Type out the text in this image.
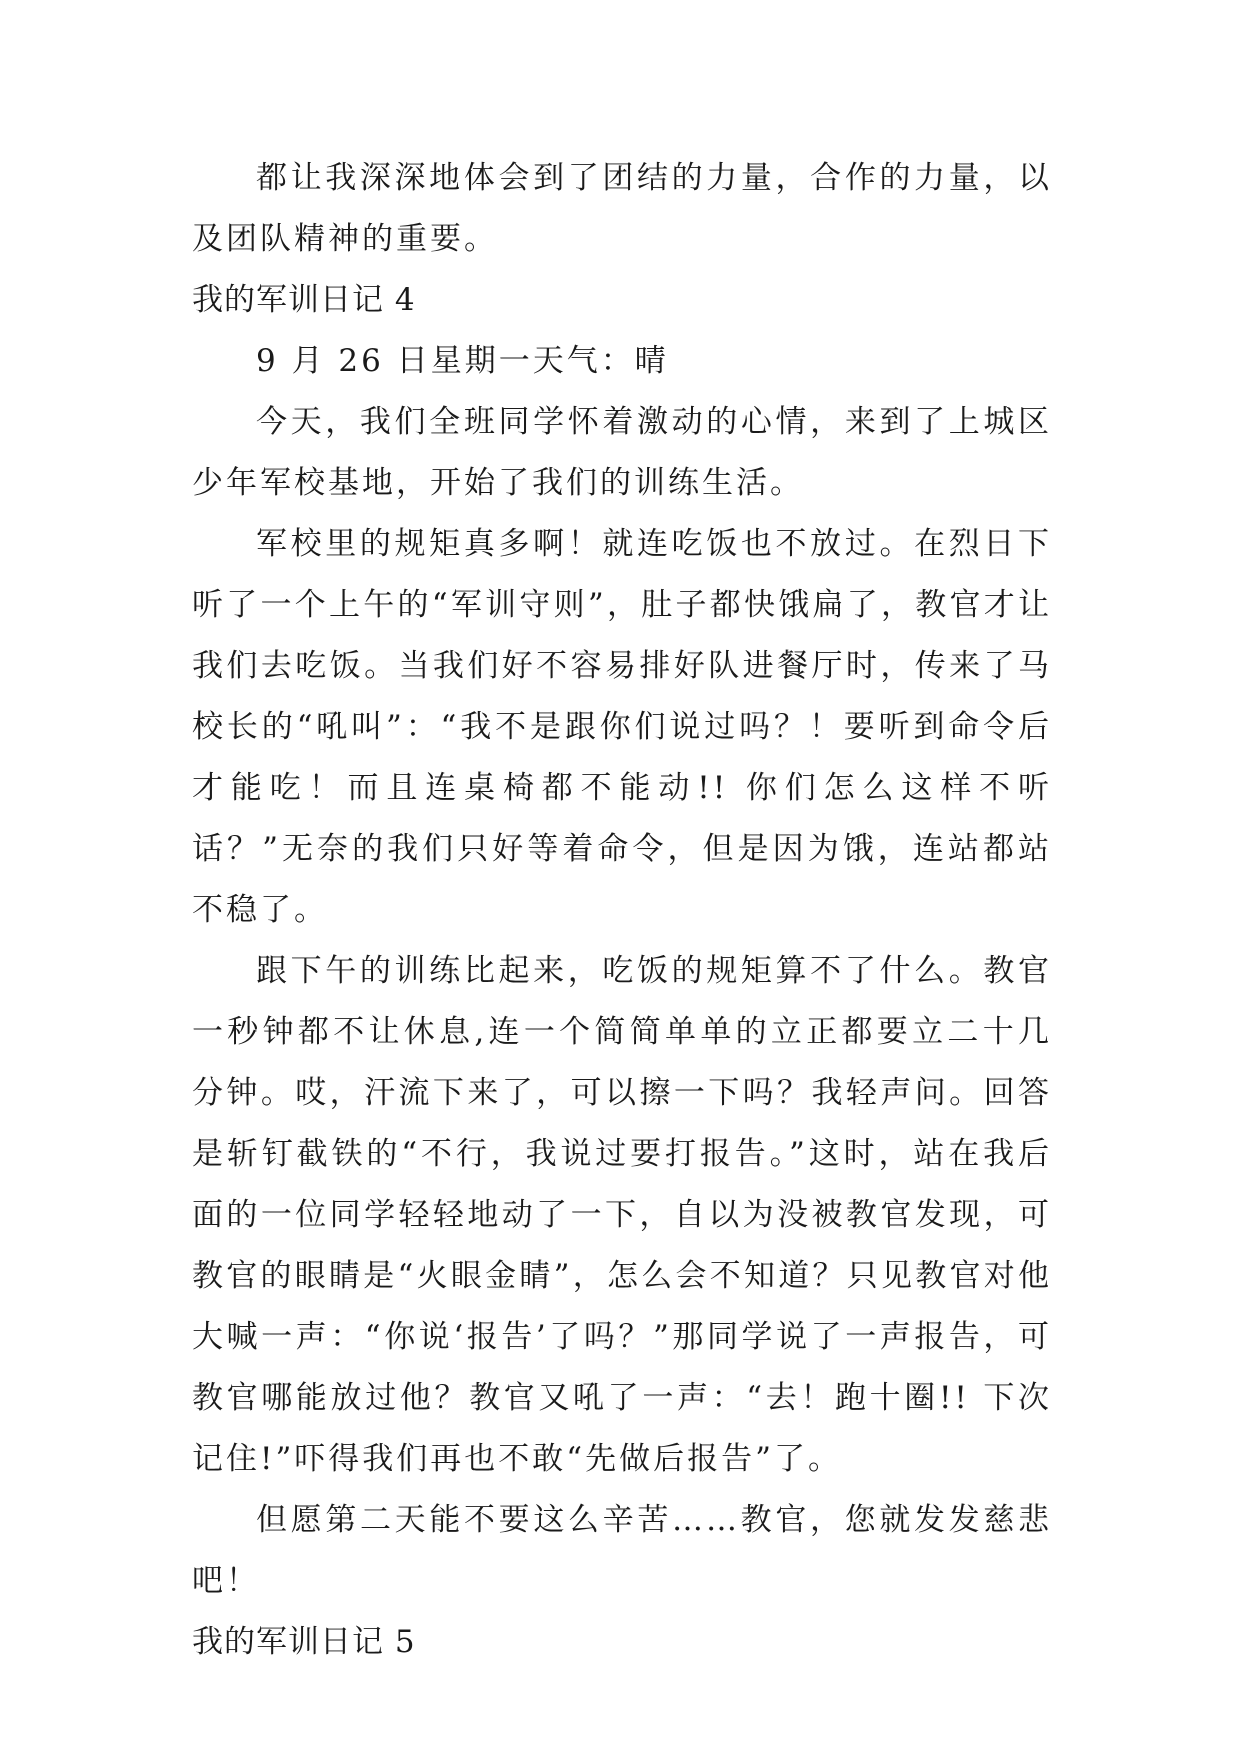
都让我深深地体会到了团结的力量，合作的力量，以及团队精神的重要。

我的军训日记 4

9 月 26 日星期一天气：晴

今天，我们全班同学怀着激动的心情，来到了上城区少年军校基地，开始了我们的训练生活。

军校里的规矩真多啊！就连吃饭也不放过。在烈日下听了一个上午的“军训守则”，肚子都快饿扁了，教官才让我们去吃饭。当我们好不容易排好队进餐厅时，传来了马校长的“吼叫”：“我不是跟你们说过吗？！要听到命令后才能吃！而且连桌椅都不能动!! 你们怎么这样不听话？”无奈的我们只好等着命令，但是因为饿，连站都站不稳了。

跟下午的训练比起来，吃饭的规矩算不了什么。教官一秒钟都不让休息,连一个简简单单的立正都要立二十几分钟。哎，汗流下来了，可以擦一下吗？我轻声问。回答是斩钉截铁的“不行，我说过要打报告。”这时，站在我后面的一位同学轻轻地动了一下，自以为没被教官发现，可教官的眼睛是“火眼金睛”，怎么会不知道？只见教官对他大喊一声：“你说‘报告’了吗？”那同学说了一声报告，可教官哪能放过他？教官又吼了一声：“去！跑十圈!! 下次记住!”吓得我们再也不敢“先做后报告”了。

但愿第二天能不要这么辛苦……教官，您就发发慈悲吧！

我的军训日记 5
